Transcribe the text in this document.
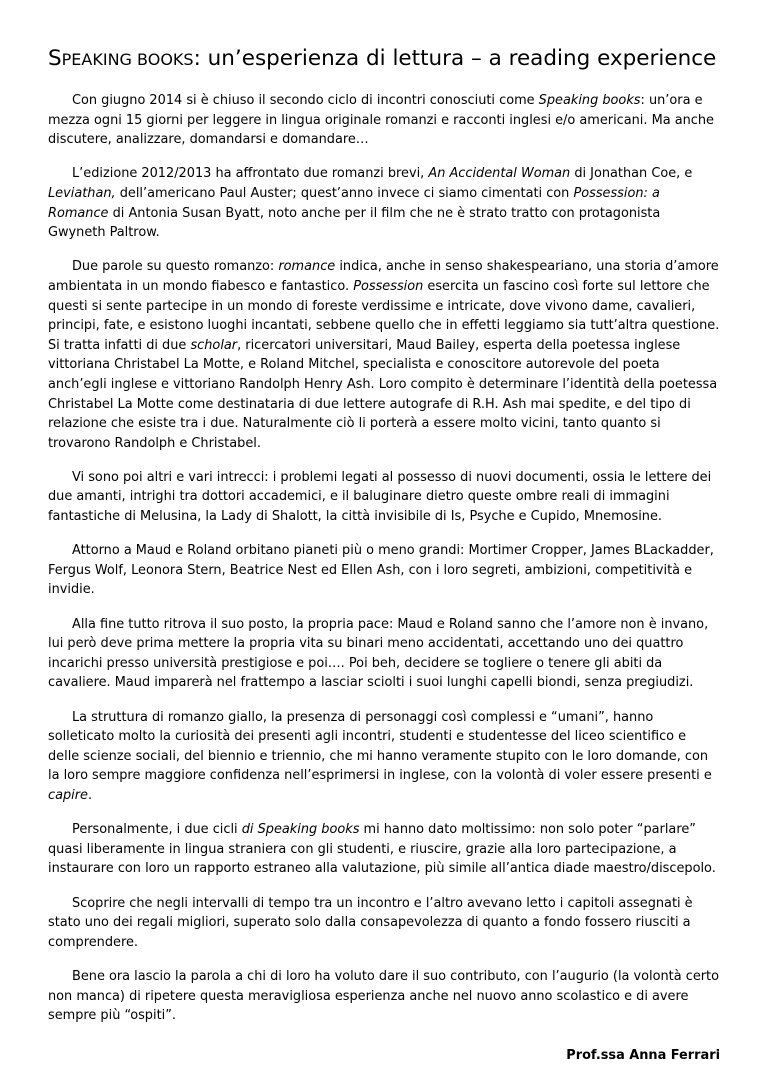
SPEAKING BOOKS: un’esperienza di lettura – a reading experience

Con giugno 2014 si è chiuso il secondo ciclo di incontri conosciuti come Speaking books: un’ora e mezza ogni 15 giorni per leggere in lingua originale romanzi e racconti inglesi e/o americani. Ma anche discutere, analizzare, domandarsi e domandare…

L’edizione 2012/2013 ha affrontato due romanzi brevi, An Accidental Woman di Jonathan Coe, e Leviathan, dell’americano Paul Auster; quest’anno invece ci siamo cimentati con Possession: a Romance di Antonia Susan Byatt, noto anche per il film che ne è strato tratto con protagonista Gwyneth Paltrow.

Due parole su questo romanzo: romance indica, anche in senso shakespeariano, una storia d’amore ambientata in un mondo fiabesco e fantastico. Possession esercita un fascino così forte sul lettore che questi si sente partecipe in un mondo di foreste verdissime e intricate, dove vivono dame, cavalieri, principi, fate, e esistono luoghi incantati, sebbene quello che in effetti leggiamo sia tutt’altra questione. Si tratta infatti di due scholar, ricercatori universitari, Maud Bailey, esperta della poetessa inglese vittoriana Christabel La Motte, e Roland Mitchel, specialista e conoscitore autorevole del poeta anch’egli inglese e vittoriano Randolph Henry Ash. Loro compito è determinare l’identità della poetessa Christabel La Motte come destinataria di due lettere autografe di R.H. Ash mai spedite, e del tipo di relazione che esiste tra i due. Naturalmente ciò li porterà a essere molto vicini, tanto quanto si trovarono Randolph e Christabel.

Vi sono poi altri e vari intrecci: i problemi legati al possesso di nuovi documenti, ossia le lettere dei due amanti, intrighi tra dottori accademici, e il baluginare dietro queste ombre reali di immagini fantastiche di Melusina, la Lady di Shalott, la città invisibile di Is, Psyche e Cupido, Mnemosine.

Attorno a Maud e Roland orbitano pianeti più o meno grandi: Mortimer Cropper, James BLackadder, Fergus Wolf, Leonora Stern, Beatrice Nest ed Ellen Ash, con i loro segreti, ambizioni, competitività e invidie.

Alla fine tutto ritrova il suo posto, la propria pace: Maud e Roland sanno che l’amore non è invano, lui però deve prima mettere la propria vita su binari meno accidentati, accettando uno dei quattro incarichi presso università prestigiose e poi…. Poi beh, decidere se togliere o tenere gli abiti da cavaliere. Maud imparerà nel frattempo a lasciar sciolti i suoi lunghi capelli biondi, senza pregiudizi.

La struttura di romanzo giallo, la presenza di personaggi così complessi e “umani”, hanno solleticato molto la curiosità dei presenti agli incontri, studenti e studentesse del liceo scientifico e delle scienze sociali, del biennio e triennio, che mi hanno veramente stupito con le loro domande, con la loro sempre maggiore confidenza nell’esprimersi in inglese, con la volontà di voler essere presenti e capire.

Personalmente, i due cicli di Speaking books mi hanno dato moltissimo: non solo poter “parlare” quasi liberamente in lingua straniera con gli studenti, e riuscire, grazie alla loro partecipazione, a instaurare con loro un rapporto estraneo alla valutazione, più simile all’antica diade maestro/discepolo.

Scoprire che negli intervalli di tempo tra un incontro e l’altro avevano letto i capitoli assegnati è stato uno dei regali migliori, superato solo dalla consapevolezza di quanto a fondo fossero riusciti a comprendere.

Bene ora lascio la parola a chi di loro ha voluto dare il suo contributo, con l’augurio (la volontà certo non manca) di ripetere questa meravigliosa esperienza anche nel nuovo anno scolastico e di avere sempre più “ospiti”.

Prof.ssa Anna Ferrari
